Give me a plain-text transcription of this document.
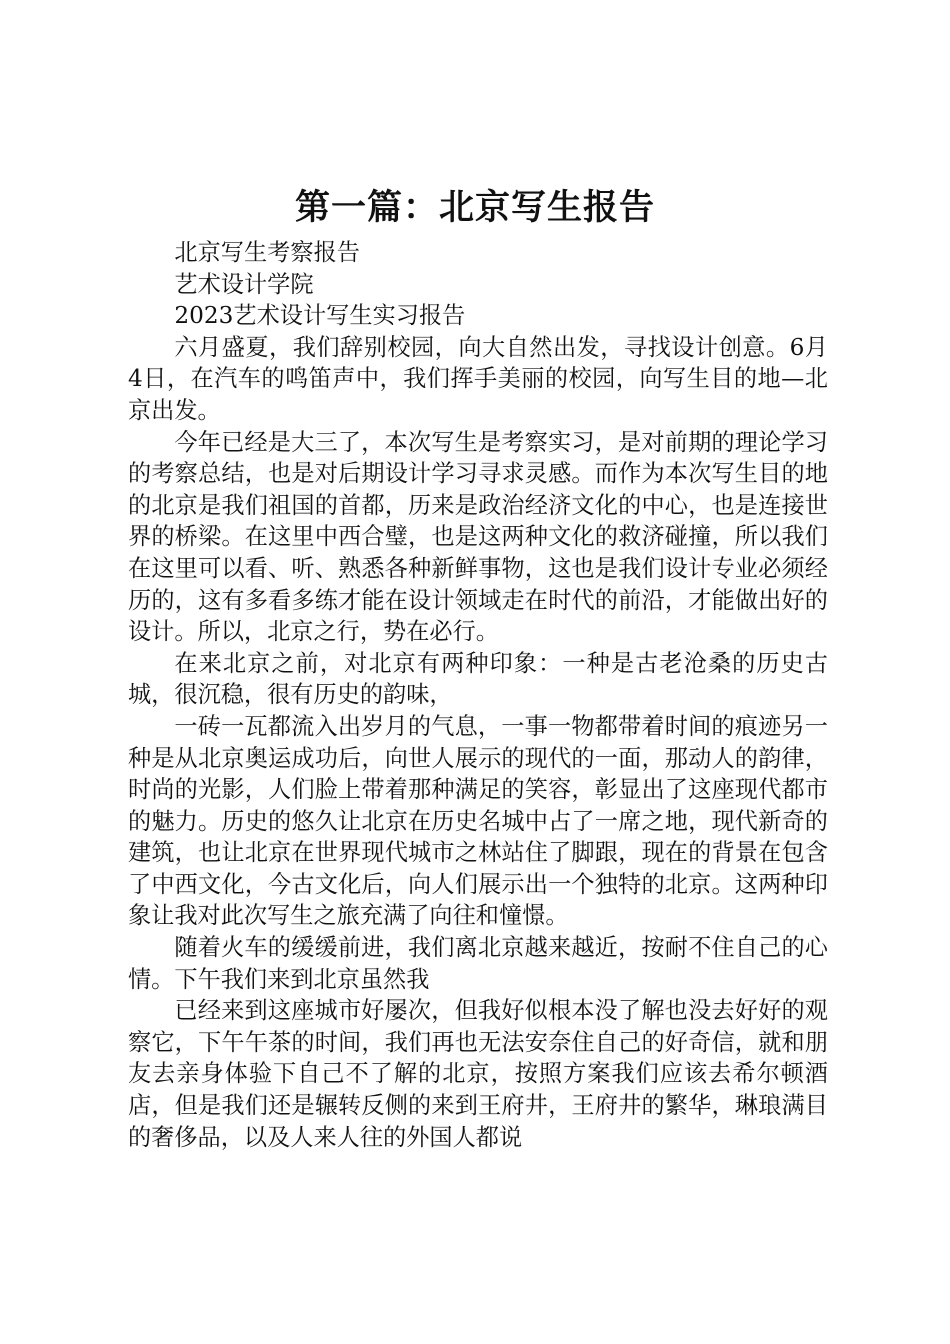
第一篇：北京写生报告

北京写生考察报告

艺术设计学院

2023艺术设计写生实习报告

六月盛夏，我们辞别校园，向大自然出发，寻找设计创意。6月4日，在汽车的鸣笛声中，我们挥手美丽的校园，向写生目的地—北京出发。

今年已经是大三了，本次写生是考察实习，是对前期的理论学习的考察总结，也是对后期设计学习寻求灵感。而作为本次写生目的地的北京是我们祖国的首都，历来是政治经济文化的中心，也是连接世界的桥梁。在这里中西合璧，也是这两种文化的救济碰撞，所以我们在这里可以看、听、熟悉各种新鲜事物，这也是我们设计专业必须经历的，这有多看多练才能在设计领域走在时代的前沿，才能做出好的设计。所以，北京之行，势在必行。

在来北京之前，对北京有两种印象：一种是古老沧桑的历史古城，很沉稳，很有历史的韵味，

一砖一瓦都流入出岁月的气息，一事一物都带着时间的痕迹另一种是从北京奥运成功后，向世人展示的现代的一面，那动人的韵律，时尚的光影，人们脸上带着那种满足的笑容，彰显出了这座现代都市的魅力。历史的悠久让北京在历史名城中占了一席之地，现代新奇的建筑，也让北京在世界现代城市之林站住了脚跟，现在的背景在包含了中西文化，今古文化后，向人们展示出一个独特的北京。这两种印象让我对此次写生之旅充满了向往和憧憬。

随着火车的缓缓前进，我们离北京越来越近，按耐不住自己的心情。下午我们来到北京虽然我

已经来到这座城市好屡次，但我好似根本没了解也没去好好的观察它，下午午茶的时间，我们再也无法安奈住自己的好奇信，就和朋友去亲身体验下自己不了解的北京，按照方案我们应该去希尔顿酒店，但是我们还是辗转反侧的来到王府井，王府井的繁华，琳琅满目的奢侈品，以及人来人往的外国人都说
